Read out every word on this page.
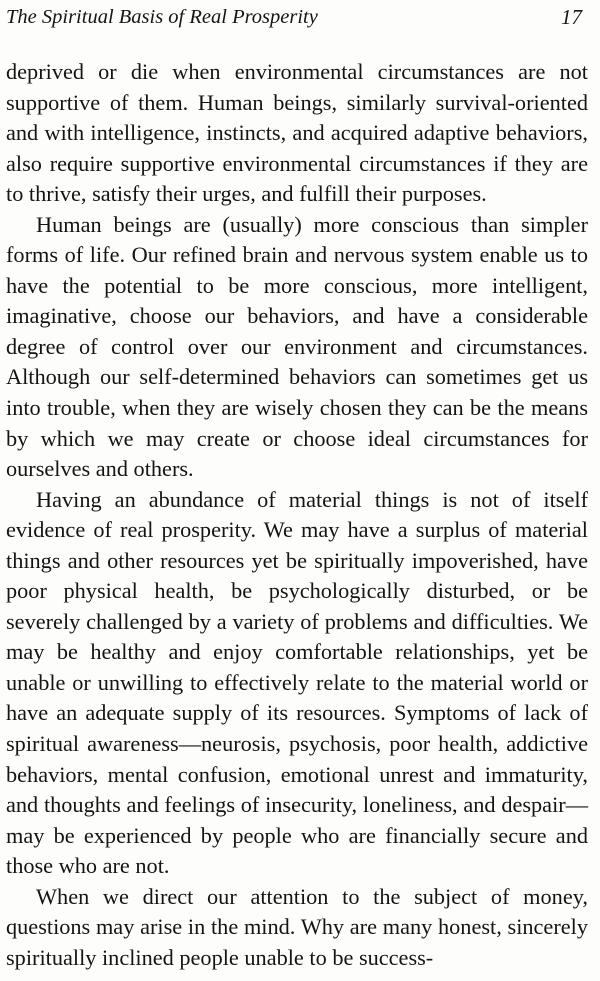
The Spiritual Basis of Real Prosperity	17

deprived or die when environmental circumstances are not supportive of them. Human beings, similarly survival-oriented and with intelligence, instincts, and acquired adaptive behaviors, also require supportive environmental circumstances if they are to thrive, satisfy their urges, and fulfill their purposes.

Human beings are (usually) more conscious than simpler forms of life. Our refined brain and nervous system enable us to have the potential to be more conscious, more intelligent, imaginative, choose our behaviors, and have a considerable degree of control over our environment and circumstances. Although our self-determined behaviors can sometimes get us into trouble, when they are wisely chosen they can be the means by which we may create or choose ideal circumstances for ourselves and others.

Having an abundance of material things is not of itself evidence of real prosperity. We may have a surplus of material things and other resources yet be spiritually impoverished, have poor physical health, be psychologically disturbed, or be severely challenged by a variety of problems and difficulties. We may be healthy and enjoy comfortable relationships, yet be unable or unwilling to effectively relate to the material world or have an adequate supply of its resources. Symptoms of lack of spiritual awareness—neurosis, psychosis, poor health, addictive behaviors, mental confusion, emotional unrest and immaturity, and thoughts and feelings of insecurity, loneliness, and despair—may be experienced by people who are financially secure and those who are not.

When we direct our attention to the subject of money, questions may arise in the mind. Why are many honest, sincerely spiritually inclined people unable to be success-
